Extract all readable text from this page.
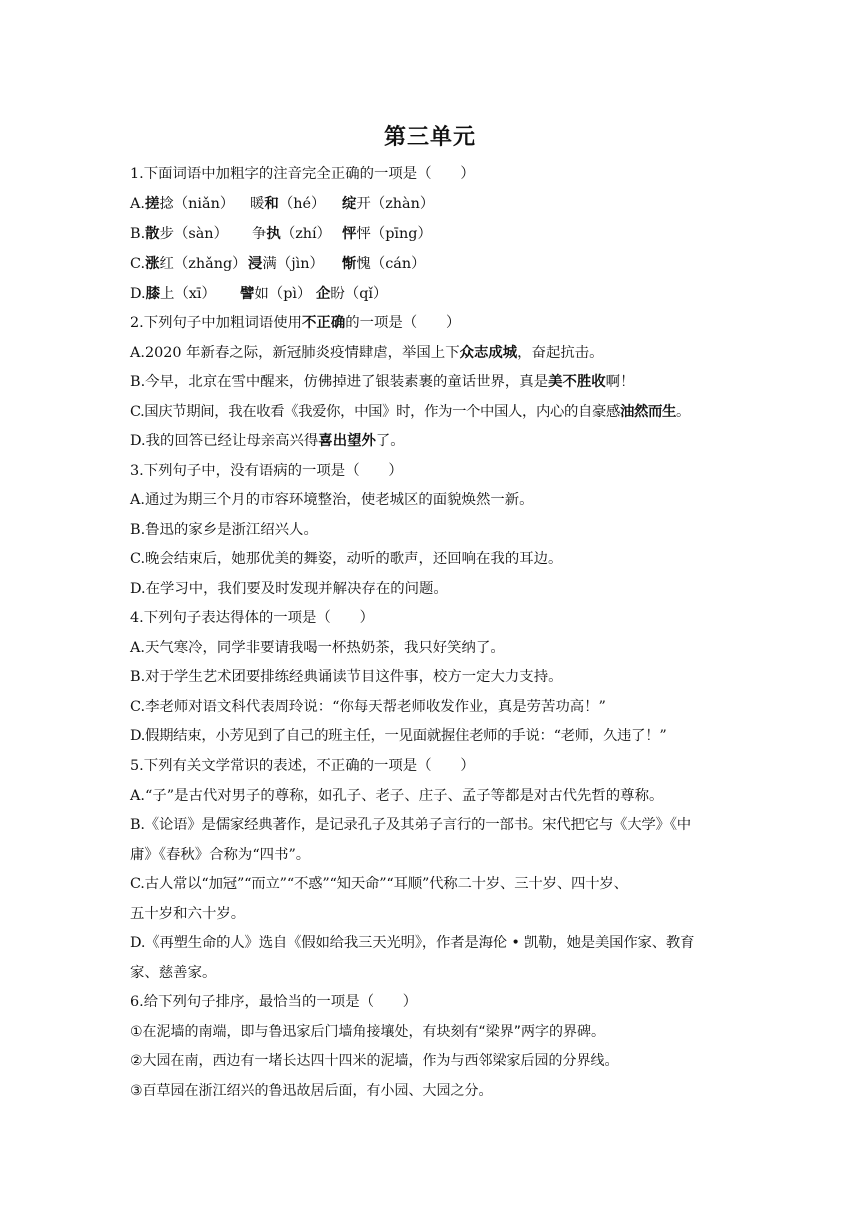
第三单元
1.下面词语中加粗字的注音完全正确的一项是（　　）
A.搓捻（niǎn） 暖和（hé） 绽开（zhàn）
B.散步（sàn） 争执（zhí） 怦怦（pīng）
C.涨红（zhǎng）浸满（jìn） 惭愧（cán）
D.膝上（xī） 譬如（pì） 企盼（qǐ）
2.下列句子中加粗词语使用不正确的一项是（　　）
A.2020 年新春之际，新冠肺炎疫情肆虐，举国上下众志成城，奋起抗击。
B.今早，北京在雪中醒来，仿佛掉进了银装素裹的童话世界，真是美不胜收啊！
C.国庆节期间，我在收看《我爱你，中国》时，作为一个中国人，内心的自豪感油然而生。
D.我的回答已经让母亲高兴得喜出望外了。
3.下列句子中，没有语病的一项是（　　）
A.通过为期三个月的市容环境整治，使老城区的面貌焕然一新。
B.鲁迅的家乡是浙江绍兴人。
C.晚会结束后，她那优美的舞姿，动听的歌声，还回响在我的耳边。
D.在学习中，我们要及时发现并解决存在的问题。
4.下列句子表达得体的一项是（　　）
A.天气寒冷，同学非要请我喝一杯热奶茶，我只好笑纳了。
B.对于学生艺术团要排练经典诵读节目这件事，校方一定大力支持。
C.李老师对语文科代表周玲说：“你每天帮老师收发作业，真是劳苦功高！”
D.假期结束，小芳见到了自己的班主任，一见面就握住老师的手说：“老师，久违了！”
5.下列有关文学常识的表述，不正确的一项是（　　）
A.“子”是古代对男子的尊称，如孔子、老子、庄子、孟子等都是对古代先哲的尊称。
B.《论语》是儒家经典著作，是记录孔子及其弟子言行的一部书。宋代把它与《大学》《中
庸》《春秋》合称为“四书”。
C.古人常以“加冠”“而立”“不惑”“知天命”“耳顺”代称二十岁、三十岁、四十岁、
五十岁和六十岁。
D.《再塑生命的人》选自《假如给我三天光明》，作者是海伦 • 凯勒，她是美国作家、教育
家、慈善家。
6.给下列句子排序，最恰当的一项是（　　）
①在泥墙的南端，即与鲁迅家后门墙角接壤处，有块刻有“梁界”两字的界碑。
②大园在南，西边有一堵长达四十四米的泥墙，作为与西邻梁家后园的分界线。
③百草园在浙江绍兴的鲁迅故居后面，有小园、大园之分。
